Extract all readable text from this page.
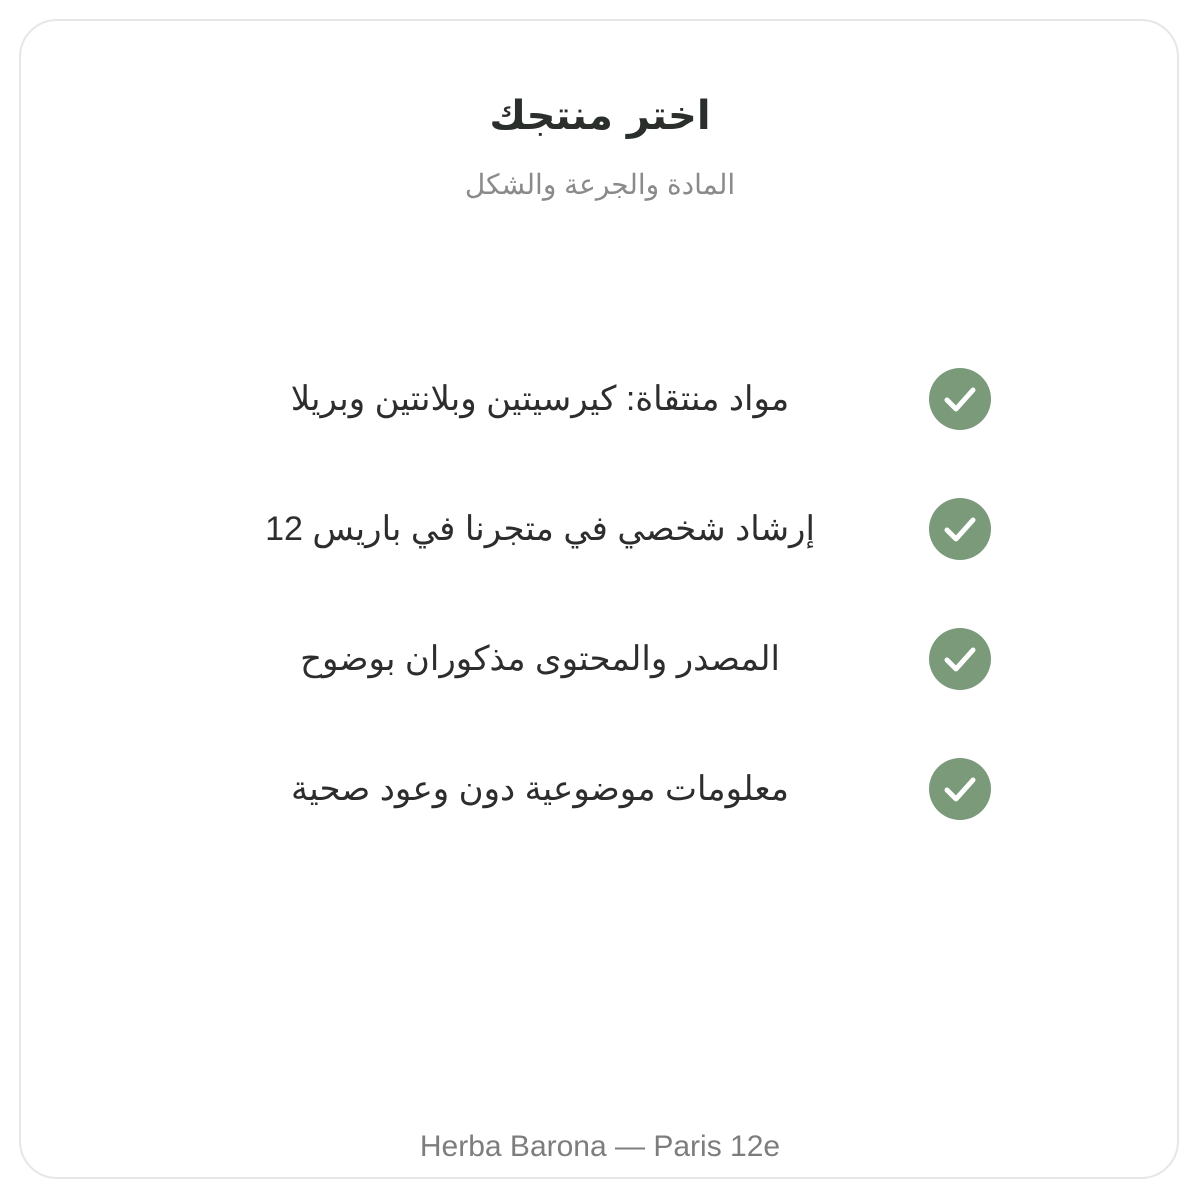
اختر منتجك
المادة والجرعة والشكل
مواد منتقاة: كيرسيتين وبلانتين وبريلا
إرشاد شخصي في متجرنا في باريس 12
المصدر والمحتوى مذكوران بوضوح
معلومات موضوعية دون وعود صحية
Herba Barona — Paris 12e
